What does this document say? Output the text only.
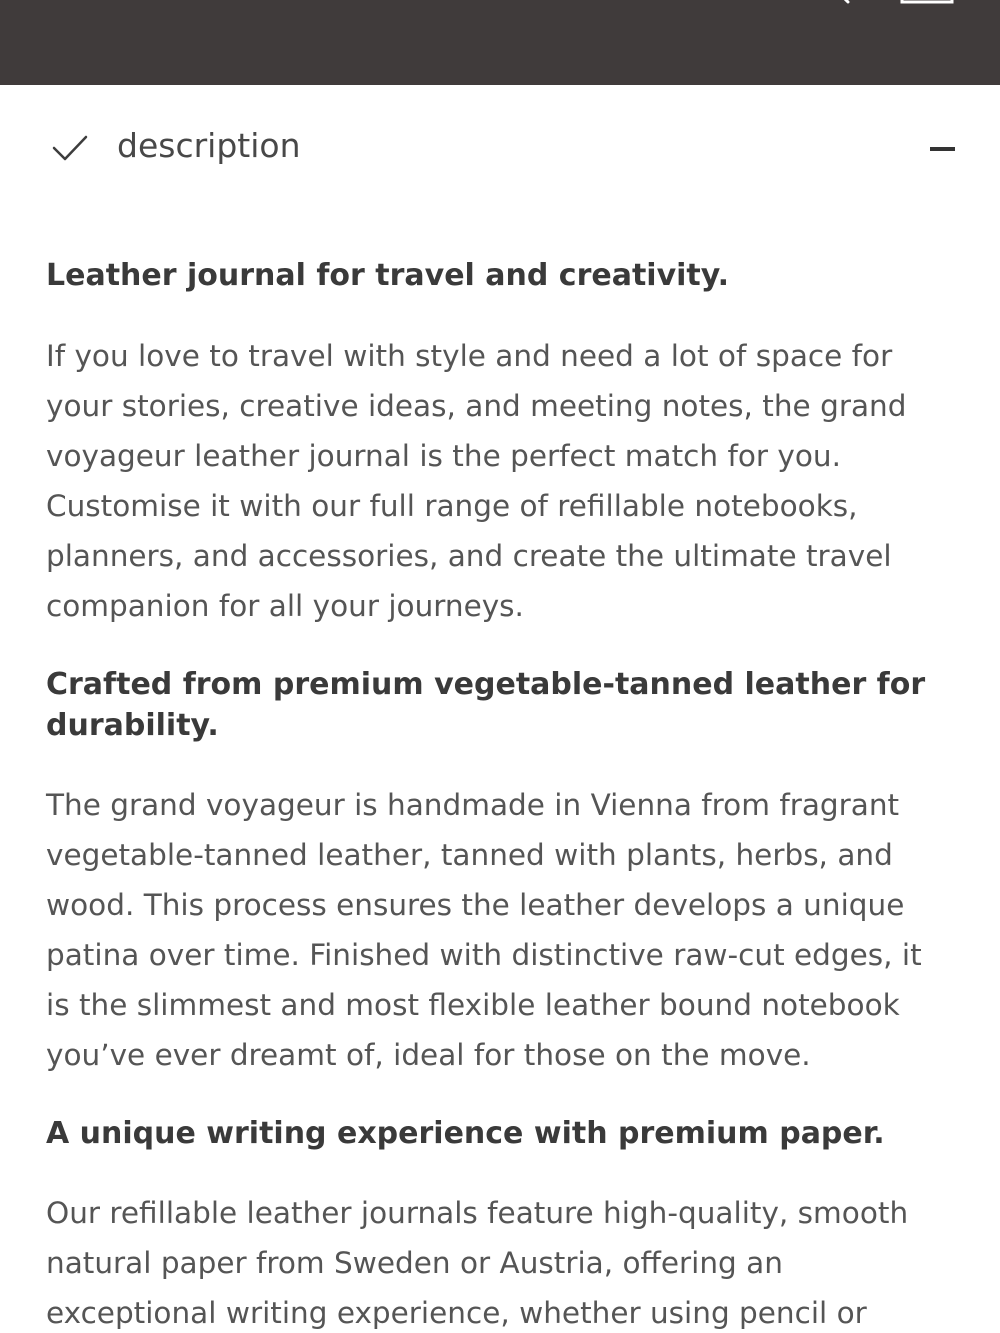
description
Leather journal for travel and creativity.

If you love to travel with style and need a lot of space for your stories, creative ideas, and meeting notes, the grand voyageur leather journal is the perfect match for you. Customise it with our full range of refillable notebooks, planners, and accessories, and create the ultimate travel companion for all your journeys.

Crafted from premium vegetable-tanned leather for durability.

The grand voyageur is handmade in Vienna from fragrant vegetable-tanned leather, tanned with plants, herbs, and wood. This process ensures the leather develops a unique patina over time. Finished with distinctive raw-cut edges, it is the slimmest and most flexible leather bound notebook you’ve ever dreamt of, ideal for those on the move.

A unique writing experience with premium paper.

Our refillable leather journals feature high-quality, smooth natural paper from Sweden or Austria, offering an exceptional writing experience, whether using pencil or
